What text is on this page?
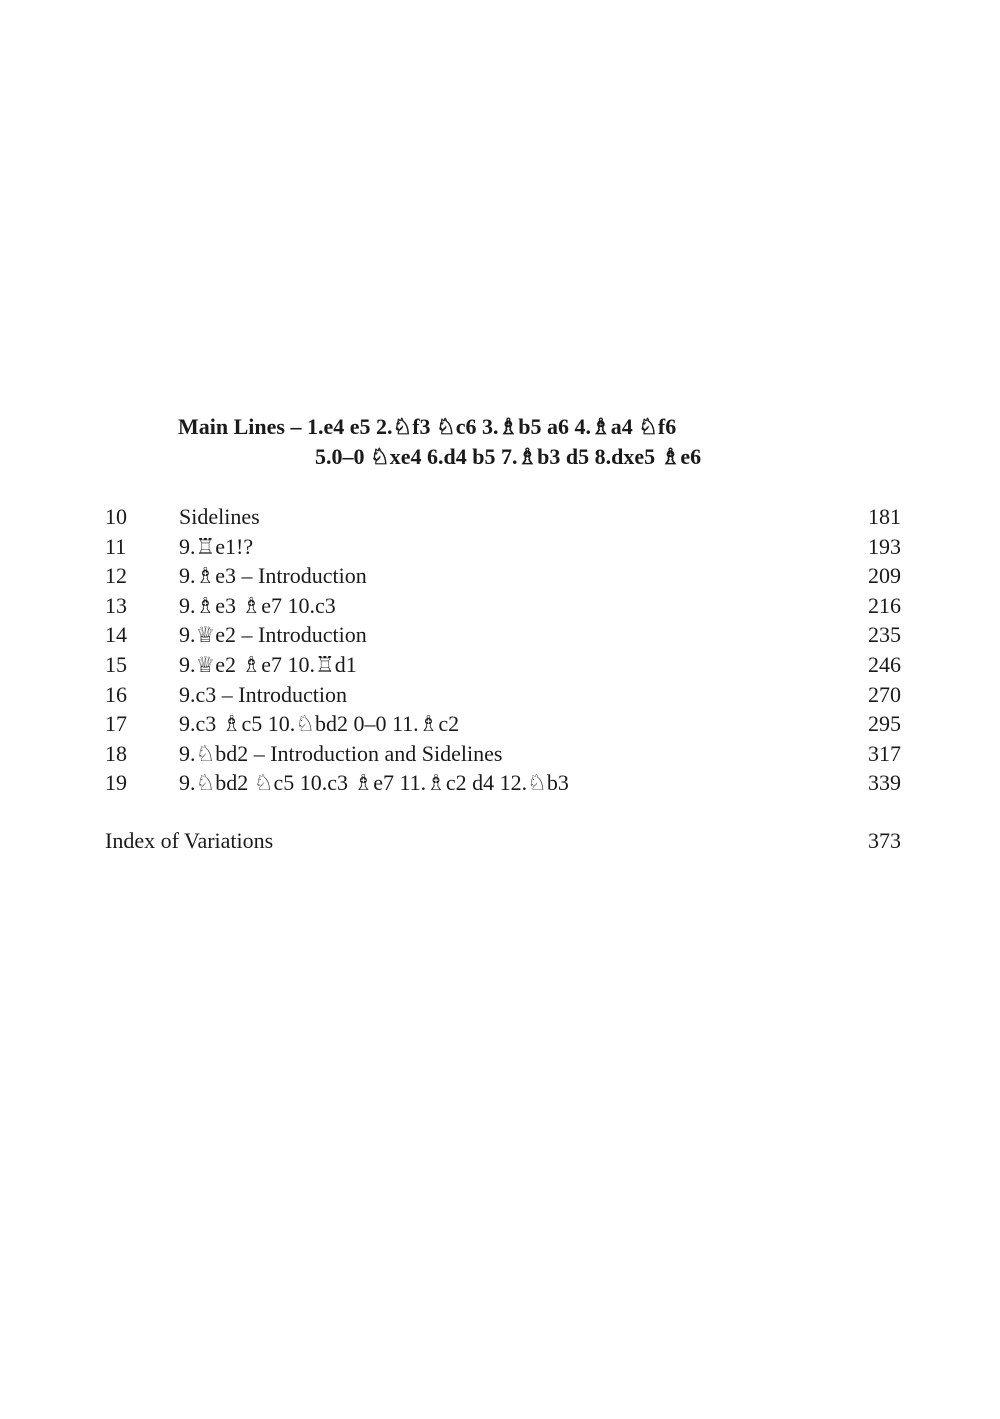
Main Lines – 1.e4 e5 2.♘f3 ♘c6 3.♗b5 a6 4.♗a4 ♘f6
5.0–0 ♘xe4 6.d4 b5 7.♗b3 d5 8.dxe5 ♗e6
10	Sidelines	181
11	9.♖e1!?	193
12	9.♗e3 – Introduction	209
13	9.♗e3 ♗e7 10.c3	216
14	9.♕e2 – Introduction	235
15	9.♕e2 ♗e7 10.♖d1	246
16	9.c3 – Introduction	270
17	9.c3 ♗c5 10.♘bd2 0–0 11.♗c2	295
18	9.♘bd2 – Introduction and Sidelines	317
19	9.♘bd2 ♘c5 10.c3 ♗e7 11.♗c2 d4 12.♘b3	339
Index of Variations	373
